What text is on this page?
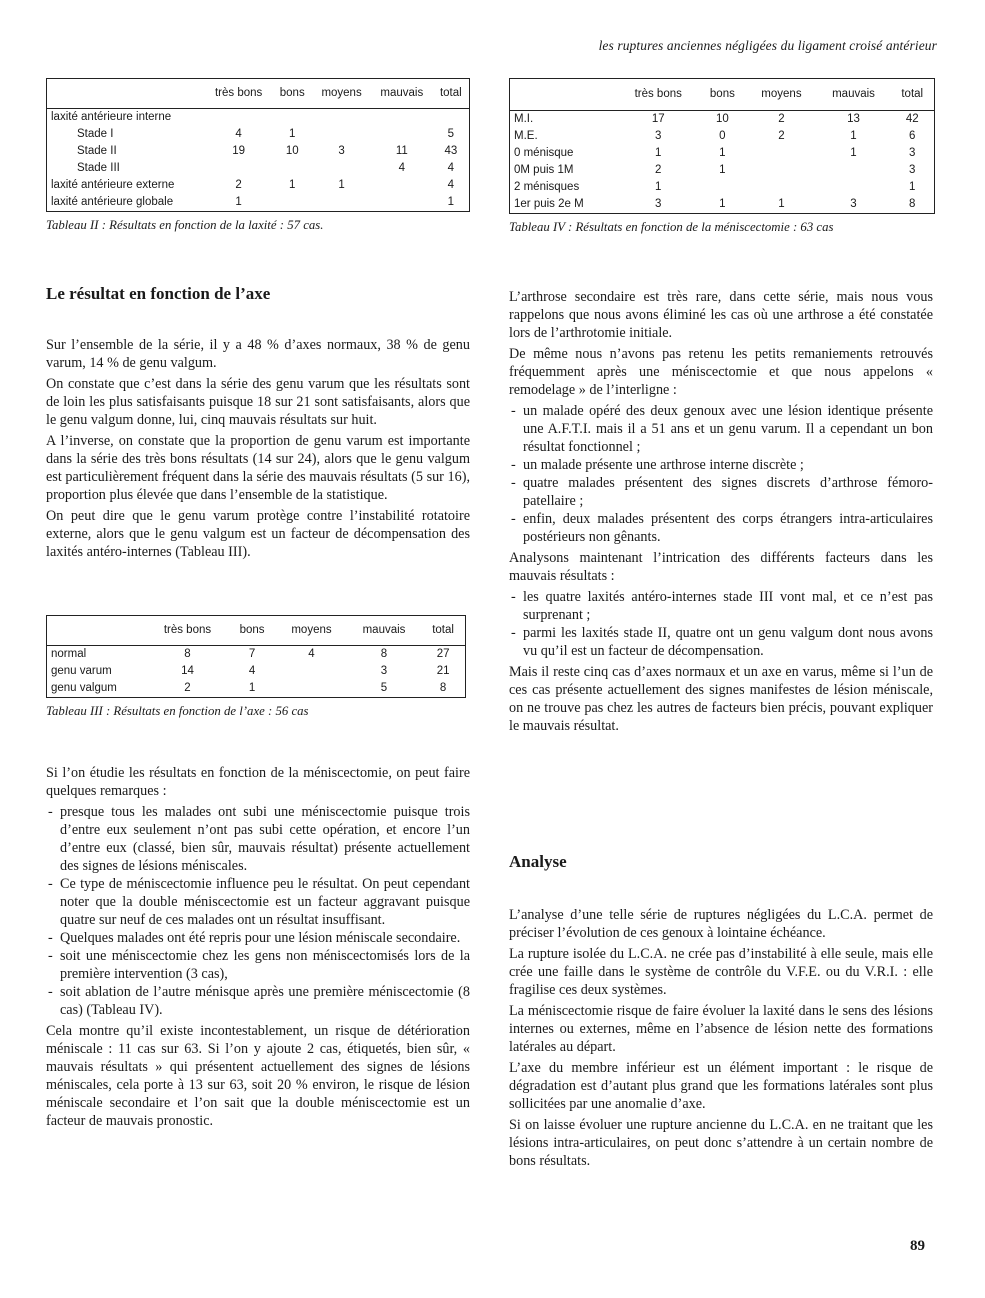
les ruptures anciennes négligées du ligament croisé antérieur
	très bons	bons	moyens	mauvais	total
laxité antérieure interne					
Stade I	4	1			5
Stade II	19	10	3	11	43
Stade III				4	4
laxité antérieure externe	2	1	1		4
laxité antérieure globale	1				1

Tableau II : Résultats en fonction de la laxité : 57 cas.

Le résultat en fonction de l’axe

Sur l’ensemble de la série, il y a 48 % d’axes normaux, 38 % de genu varum, 14 % de genu valgum.

On constate que c’est dans la série des genu varum que les résultats sont de loin les plus satisfaisants puisque 18 sur 21 sont satisfaisants, alors que le genu valgum donne, lui, cinq mauvais résultats sur huit.

A l’inverse, on constate que la proportion de genu varum est importante dans la série des très bons résultats (14 sur 24), alors que le genu valgum est particulièrement fréquent dans la série des mauvais résultats (5 sur 16), proportion plus élevée que dans l’ensemble de la statistique.

On peut dire que le genu varum protège contre l’instabilité rotatoire externe, alors que le genu valgum est un facteur de décompensation des laxités antéro-internes (Tableau III).

	très bons	bons	moyens	mauvais	total
normal	8	7	4	8	27
genu varum	14	4		3	21
genu valgum	2	1		5	8

Tableau III : Résultats en fonction de l’axe : 56 cas

Si l’on étudie les résultats en fonction de la méniscectomie, on peut faire quelques remarques :

- presque tous les malades ont subi une méniscectomie puisque trois d’entre eux seulement n’ont pas subi cette opération, et encore l’un d’entre eux (classé, bien sûr, mauvais résultat) présente actuellement des signes de lésions méniscales.
- Ce type de méniscectomie influence peu le résultat. On peut cependant noter que la double méniscectomie est un facteur aggravant puisque quatre sur neuf de ces malades ont un résultat insuffisant.
- Quelques malades ont été repris pour une lésion méniscale secondaire.
- soit une méniscectomie chez les gens non méniscectomisés lors de la première intervention (3 cas),
- soit ablation de l’autre ménisque après une première méniscectomie (8 cas) (Tableau IV).

Cela montre qu’il existe incontestablement, un risque de détérioration méniscale : 11 cas sur 63. Si l’on y ajoute 2 cas, étiquetés, bien sûr, « mauvais résultats » qui présentent actuellement des signes de lésions méniscales, cela porte à 13 sur 63, soit 20 % environ, le risque de lésion méniscale secondaire et l’on sait que la double méniscectomie est un facteur de mauvais pronostic.

	très bons	bons	moyens	mauvais	total
M.I.	17	10	2	13	42
M.E.	3	0	2	1	6
0 ménisque	1	1		1	3
0M puis 1M	2	1			3
2 ménisques	1				1
1er puis 2e M	3	1	1	3	8

Tableau IV : Résultats en fonction de la méniscectomie : 63 cas

L’arthrose secondaire est très rare, dans cette série, mais nous vous rappelons que nous avons éliminé les cas où une arthrose a été constatée lors de l’arthrotomie initiale.

De même nous n’avons pas retenu les petits remaniements retrouvés fréquemment après une méniscectomie et que nous appelons « remodelage » de l’interligne :

- un malade opéré des deux genoux avec une lésion identique présente une A.F.T.I. mais il a 51 ans et un genu varum. Il a cependant un bon résultat fonctionnel ;
- un malade présente une arthrose interne discrète ;
- quatre malades présentent des signes discrets d’arthrose fémoro-patellaire ;
- enfin, deux malades présentent des corps étrangers intra-articulaires postérieurs non gênants.

Analysons maintenant l’intrication des différents facteurs dans les mauvais résultats :

- les quatre laxités antéro-internes stade III vont mal, et ce n’est pas surprenant ;
- parmi les laxités stade II, quatre ont un genu valgum dont nous avons vu qu’il est un facteur de décompensation.

Mais il reste cinq cas d’axes normaux et un axe en varus, même si l’un de ces cas présente actuellement des signes manifestes de lésion méniscale, on ne trouve pas chez les autres de facteurs bien précis, pouvant expliquer le mauvais résultat.

Analyse

L’analyse d’une telle série de ruptures négligées du L.C.A. permet de préciser l’évolution de ces genoux à lointaine échéance.

La rupture isolée du L.C.A. ne crée pas d’instabilité à elle seule, mais elle crée une faille dans le système de contrôle du V.F.E. ou du V.R.I. : elle fragilise ces deux systèmes.

La méniscectomie risque de faire évoluer la laxité dans le sens des lésions internes ou externes, même en l’absence de lésion nette des formations latérales au départ.

L’axe du membre inférieur est un élément important : le risque de dégradation est d’autant plus grand que les formations latérales sont plus sollicitées par une anomalie d’axe.

Si on laisse évoluer une rupture ancienne du L.C.A. en ne traitant que les lésions intra-articulaires, on peut donc s’attendre à un certain nombre de bons résultats.

89
